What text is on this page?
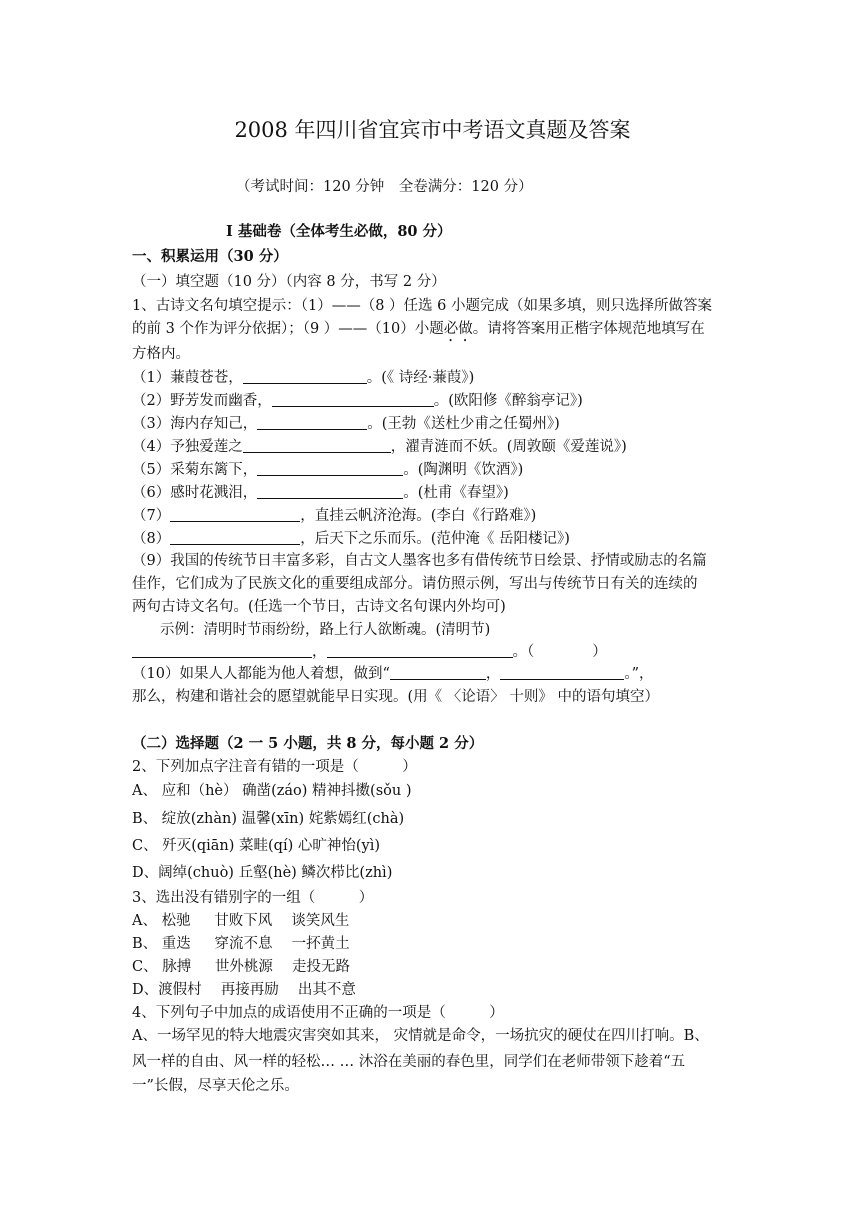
2008 年四川省宜宾市中考语文真题及答案
（考试时间：120 分钟　全卷满分：120 分）
I 基础卷（全体考生必做，80 分）
一、积累运用（30 分）
（一）填空题（10 分）（内容 8 分，书写 2 分）
1、古诗文名句填空提示：（1）——（8 ）任选 6 小题完成（如果多填，则只选择所做答案
的前 3 个作为评分依据）；（9 ）——（10）小题必做。请将答案用正楷字体规范地填写在
方格内。
（1）蒹葭苍苍，	。(《 诗经·蒹葭》)
（2）野芳发而幽香，	。(欧阳修《醉翁亭记》)
（3）海内存知己，	。(王勃《送杜少甫之任蜀州》)
（4）予独爱莲之	，濯青涟而不妖。(周敦颐《爱莲说》)
（5）采菊东篱下，	。(陶渊明《饮酒》)
（6）感时花溅泪，	。(杜甫《春望》)
（7）	，直挂云帆济沧海。(李白《行路难》)
（8）	，后天下之乐而乐。(范仲淹《 岳阳楼记》)
（9）我国的传统节日丰富多彩，自古文人墨客也多有借传统节日绘景、抒情或励志的名篇
佳作，它们成为了民族文化的重要组成部分。请仿照示例，写出与传统节日有关的连续的
两句古诗文名句。(任选一个节日，古诗文名句课内外均可)
示例：清明时节雨纷纷，路上行人欲断魂。(清明节)
，	。（　　　　）
（10）如果人人都能为他人着想，做到“	，	。”，
那么，构建和谐社会的愿望就能早日实现。(用《 〈论语〉 十则》 中的语句填空）
（二）选择题（2 一 5 小题，共 8 分，每小题 2 分）
2、下列加点字注音有错的一项是（　　　）
A、 应和（hè） 确凿(záo) 精神抖擞(sǒu )
B、 绽放(zhàn) 温馨(xīn) 姹紫嫣红(chà)
C、 歼灭(qiān) 菜畦(qí) 心旷神怡(yì)
D、阔绰(chuò) 丘壑(hè) 鳞次栉比(zhì)
3、选出没有错别字的一组（　　　）
A、 松驰 　 甘败下风 　谈笑风生
B、 重迭 　 穿流不息 　一抔黄土
C、 脉搏 　 世外桃源 　走投无路
D、渡假村 　再接再励 　出其不意
4、下列句子中加点的成语使用不正确的一项是（　　　）
A、一场罕见的特大地震灾害突如其来， 灾情就是命令，一场抗灾的硬仗在四川打响。B、
风一样的自由、风一样的轻松… … 沐浴在美丽的春色里，同学们在老师带领下趁着“五
一”长假，尽享天伦之乐。
